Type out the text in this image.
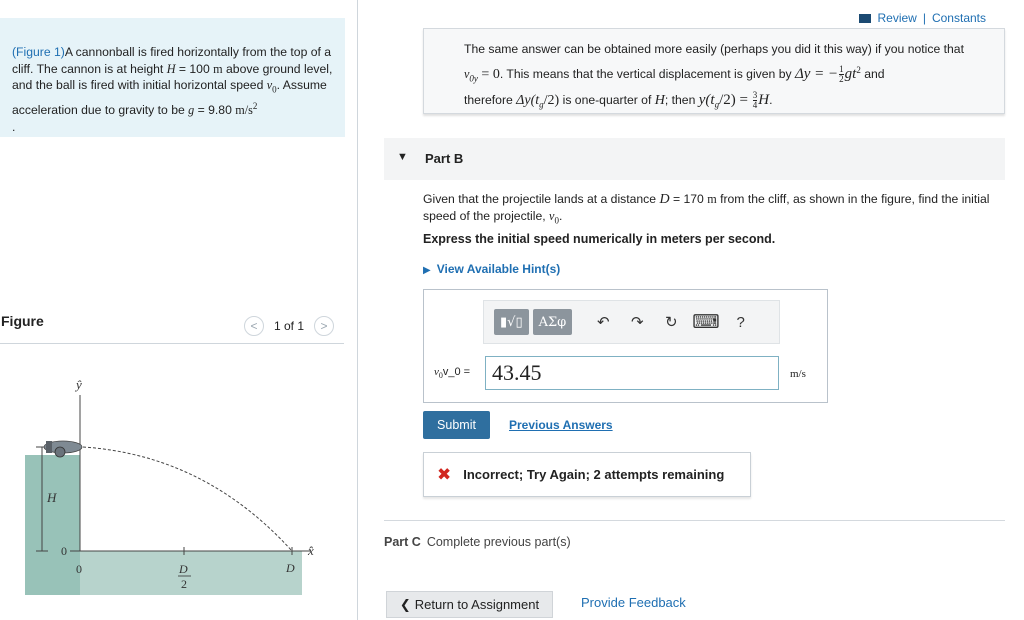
(Figure 1)A cannonball is fired horizontally from the top of a cliff. The cannon is at height H = 100 m above ground level, and the ball is fired with initial horizontal speed $v_0$. Assume acceleration due to gravity to be g = 9.80 $m/s^2$
.
Figure	< 1 of 1 >
ŷ
H
x̂
0
0	D
2
D
Review | Constants
The same answer can be obtained more easily (perhaps you did it this way) if you notice that
$v_{0y} = 0$. This means that the vertical displacement is given by Δy = − $\frac{1}{2} gt^2$ and
therefore $\Delta y(t_g/2)$ is one-quarter of H; then $y(t_g/2) = \frac{3}{4} H$.
▼ Part B
Given that the projectile lands at a distance D = 170 m from the cliff, as shown in the figure, find the initial speed of the projectile, $v_0$.
Express the initial speed numerically in meters per second.
▶ View Available Hint(s)
▮√▯	ΑΣφ	↶	↷	↻ ⌨	?
$v_0v\_0 = 43.45$	m/s
Submit	Previous Answers
✖ Incorrect; Try Again; 2 attempts remaining
Part C Complete previous part(s)
❮ Return to Assignment	Provide Feedback
